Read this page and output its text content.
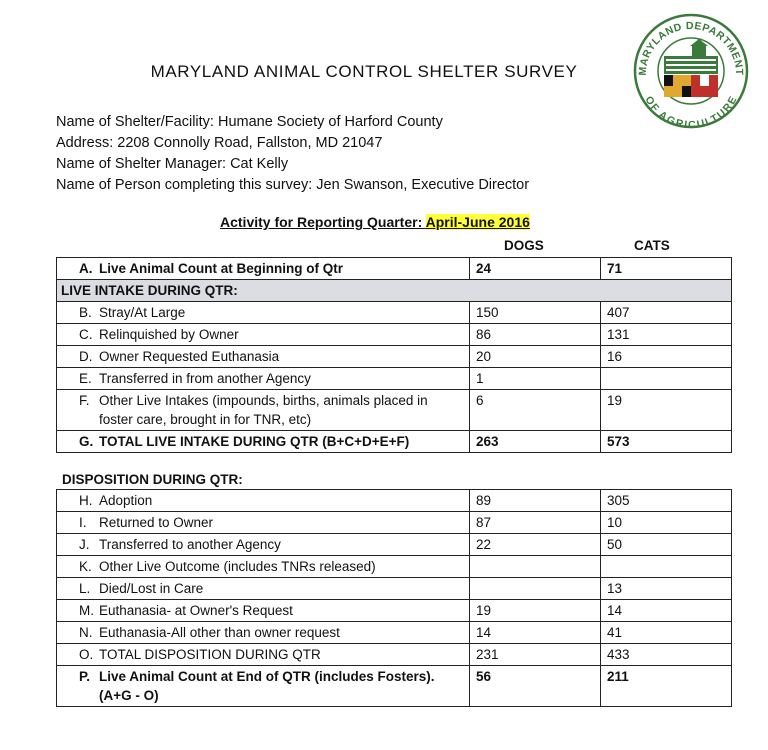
MARYLAND ANIMAL CONTROL SHELTER SURVEY	MARYLAND DEPARTMENT
OF AGRICULTURE
Name of Shelter/Facility: Humane Society of Harford County
Address: 2208 Connolly Road, Fallston, MD 21047
Name of Shelter Manager: Cat Kelly
Name of Person completing this survey: Jen Swanson, Executive Director
Activity for Reporting Quarter: April-June 2016
DOGS	CATS
A. Live Animal Count at Beginning of Qtr	24	71
LIVE INTAKE DURING QTR:		
B. Stray/At Large	150	407
C. Relinquished by Owner	86	131
D. Owner Requested Euthanasia	20	16
E. Transferred in from another Agency	1	
F. Other Live Intakes (impounds, births, animals placed in foster care, brought in for TNR, etc)	6	19
G. TOTAL LIVE INTAKE DURING QTR (B+C+D+E+F)	263	573
DISPOSITION DURING QTR:
H. Adoption	89	305
I. Returned to Owner	87	10
J. Transferred to another Agency	22	50
K. Other Live Outcome (includes TNRs released)		
L. Died/Lost in Care		13
M. Euthanasia- at Owner's Request	19	14
N. Euthanasia-All other than owner request	14	41
O. TOTAL DISPOSITION DURING QTR	231	433
P. Live Animal Count at End of QTR (includes Fosters). (A+G - O)	56	211
